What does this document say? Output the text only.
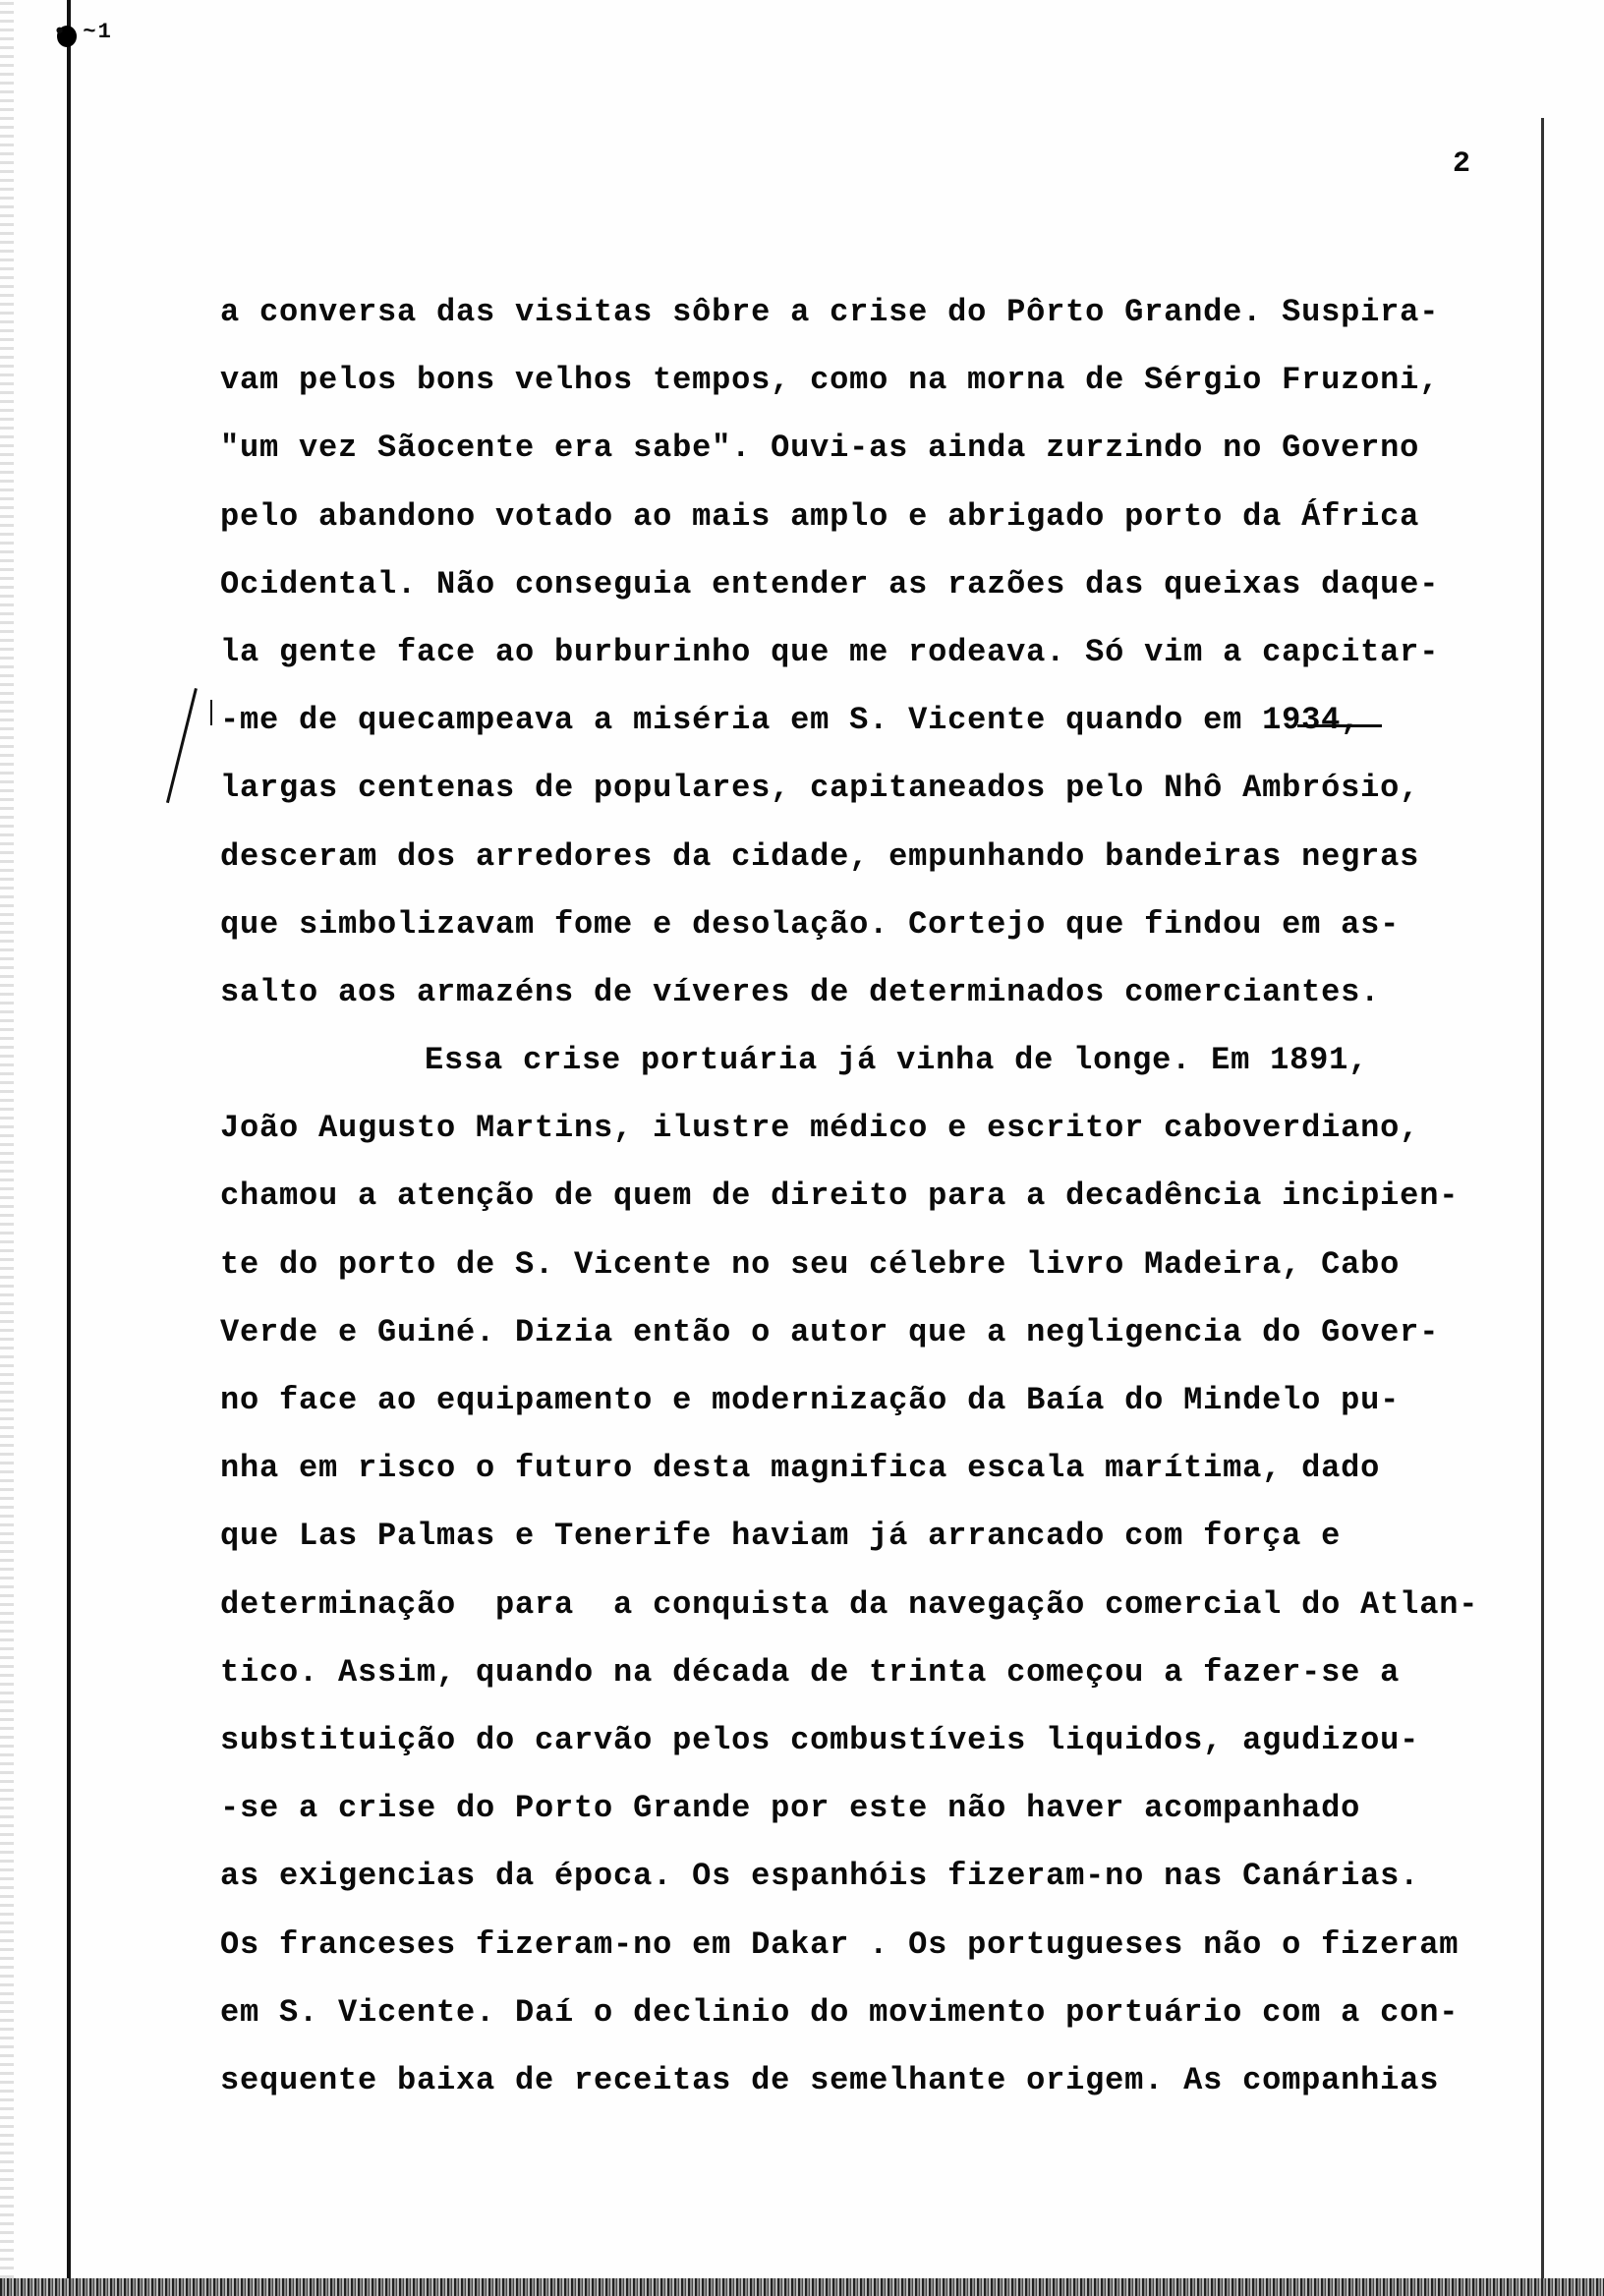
• ~1
2
a conversa das visitas sôbre a crise do Pôrto Grande. Suspira-
vam pelos bons velhos tempos, como na morna de Sérgio Fruzoni,
"um vez Sãocente era sabe". Ouvi-as ainda zurzindo no Governo
pelo abandono votado ao mais amplo e abrigado porto da África
Ocidental. Não conseguia entender as razões das queixas daque-
la gente face ao burburinho que me rodeava. Só vim a capcitar-
-me de quecampeava a miséria em S. Vicente quando em 1934,
largas centenas de populares, capitaneados pelo Nhô Ambrósio,
desceram dos arredores da cidade, empunhando bandeiras negras
que simbolizavam fome e desolação. Cortejo que findou em as-
salto aos armazéns de víveres de determinados comerciantes.
Essa crise portuária já vinha de longe. Em 1891,
João Augusto Martins, ilustre médico e escritor caboverdiano,
chamou a atenção de quem de direito para a decadência incipien-
te do porto de S. Vicente no seu célebre livro Madeira, Cabo
Verde e Guiné. Dizia então o autor que a negligencia do Gover-
no face ao equipamento e modernização da Baía do Mindelo pu-
nha em risco o futuro desta magnifica escala marítima, dado
que Las Palmas e Tenerife haviam já arrancado com força e
determinação  para  a conquista da navegação comercial do Atlan-
tico. Assim, quando na década de trinta começou a fazer-se a
substituição do carvão pelos combustíveis liquidos, agudizou-
-se a crise do Porto Grande por este não haver acompanhado
as exigencias da época. Os espanhóis fizeram-no nas Canárias.
Os franceses fizeram-no em Dakar . Os portugueses não o fizeram
em S. Vicente. Daí o declinio do movimento portuário com a con-
sequente baixa de receitas de semelhante origem. As companhias
